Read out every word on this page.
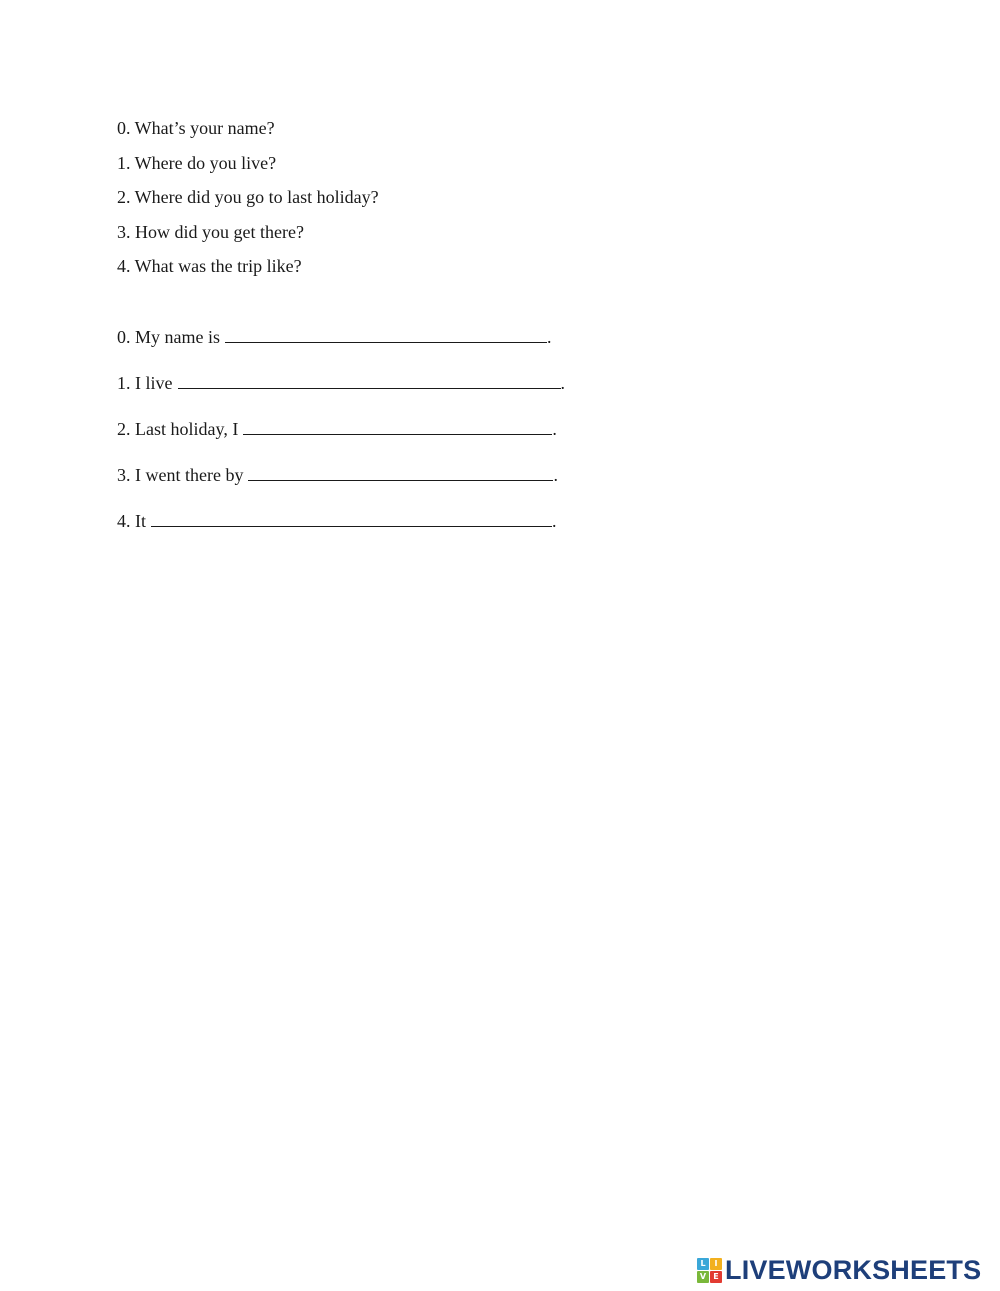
0. What’s your name?
1. Where do you live?
2. Where did you go to last holiday?
3. How did you get there?
4. What was the trip like?
0. My name is	.
1. I live	.
2. Last holiday, I	.
3. I went there by	.
4. It	.
L	I
V E LIVEWORKSHEETS
